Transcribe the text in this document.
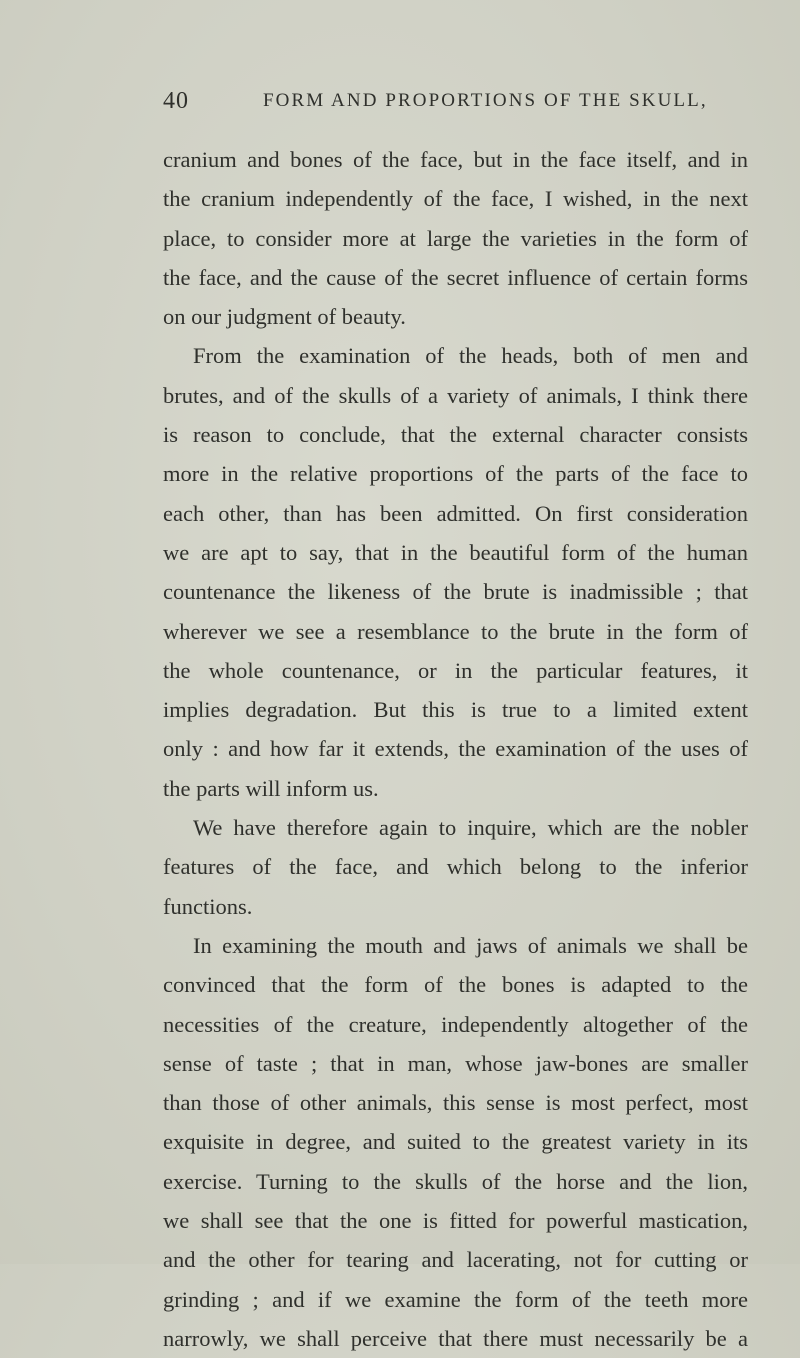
40	FORM AND PROPORTIONS OF THE SKULL,
cranium and bones of the face, but in the face itself, and in
the cranium independently of the face, I wished, in the next
place, to consider more at large the varieties in the form of
the face, and the cause of the secret influence of certain forms
on our judgment of beauty.
From the examination of the heads, both of men and
brutes, and of the skulls of a variety of animals, I think there
is reason to conclude, that the external character consists
more in the relative proportions of the parts of the face to
each other, than has been admitted. On first consideration
we are apt to say, that in the beautiful form of the human
countenance the likeness of the brute is inadmissible ; that
wherever we see a resemblance to the brute in the form of
the whole countenance, or in the particular features, it
implies degradation. But this is true to a limited extent
only : and how far it extends, the examination of the uses of
the parts will inform us.
We have therefore again to inquire, which are the nobler
features of the face, and which belong to the inferior
functions.
In examining the mouth and jaws of animals we shall be
convinced that the form of the bones is adapted to the
necessities of the creature, independently altogether of the
sense of taste ; that in man, whose jaw-bones are smaller
than those of other animals, this sense is most perfect, most
exquisite in degree, and suited to the greatest variety in its
exercise. Turning to the skulls of the horse and the lion,
we shall see that the one is fitted for powerful mastication,
and the other for tearing and lacerating, not for cutting or
grinding ; and if we examine the form of the teeth more
narrowly, we shall perceive that there must necessarily be a
